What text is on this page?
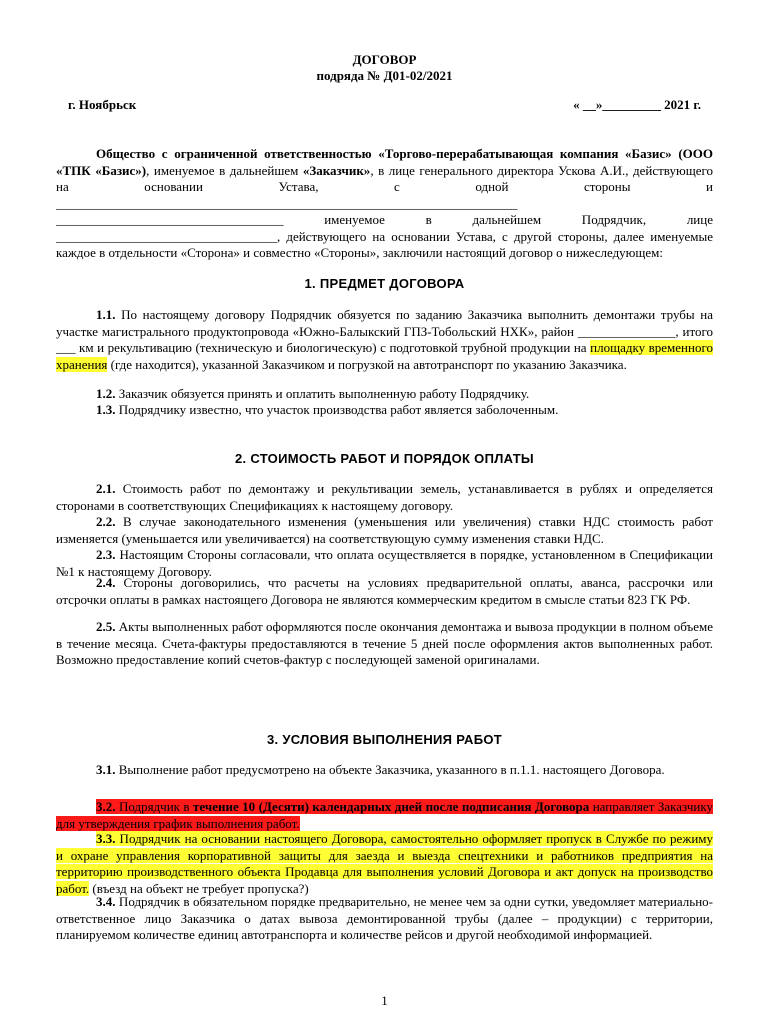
ДОГОВОР

подряда № Д01-02/2021

г. Ноябрьск	« __»_________ 2021 г.

Общество с ограниченной ответственностью «Торгово-перерабатывающая компания «Базис» (ООО «ТПК «Базис»), именуемое в дальнейшем «Заказчик», в лице генерального директора Ускова А.И., действующего на основании Устава, с одной стороны и _______________________________________________________________________ ___________________________________ именуемое в дальнейшем Подрядчик, лице __________________________________, действующего на основании Устава, с другой стороны, далее именуемые каждое в отдельности «Сторона» и совместно «Стороны», заключили настоящий договор о нижеследующем:

1. ПРЕДМЕТ ДОГОВОРА

1.1. По настоящему договору Подрядчик обязуется по заданию Заказчика выполнить демонтажи трубы на участке магистрального продуктопровода «Южно-Балыкский ГПЗ-Тобольский НХК», район _______________, итого ___ км и рекультивацию (техническую и биологическую) с подготовкой трубной продукции на площадку временного хранения (где находится), указанной Заказчиком и погрузкой на автотранспорт по указанию Заказчика.

1.2. Заказчик обязуется принять и оплатить выполненную работу Подрядчику.

1.3. Подрядчику известно, что участок производства работ является заболоченным.

2. СТОИМОСТЬ РАБОТ И ПОРЯДОК ОПЛАТЫ

2.1. Стоимость работ по демонтажу и рекультивации земель, устанавливается в рублях и определяется сторонами в соответствующих Спецификациях к настоящему договору.

2.2. В случае законодательного изменения (уменьшения или увеличения) ставки НДС стоимость работ изменяется (уменьшается или увеличивается) на соответствующую сумму изменения ставки НДС.

2.3. Настоящим Стороны согласовали, что оплата осуществляется в порядке, установленном в Спецификации №1 к настоящему Договору.

2.4. Стороны договорились, что расчеты на условиях предварительной оплаты, аванса, рассрочки или отсрочки оплаты в рамках настоящего Договора не являются коммерческим кредитом в смысле статьи 823 ГК РФ.

2.5. Акты выполненных работ оформляются после окончания демонтажа и вывоза продукции в полном объеме в течение месяца. Счета-фактуры предоставляются в течение 5 дней после оформления актов выполненных работ. Возможно предоставление копий счетов-фактур с последующей заменой оригиналами.

3. УСЛОВИЯ ВЫПОЛНЕНИЯ РАБОТ

3.1. Выполнение работ предусмотрено на объекте Заказчика, указанного в п.1.1. настоящего Договора.

3.2. Подрядчик в течение 10 (Десяти) календарных дней после подписания Договора направляет Заказчику для утверждения график выполнения работ.

3.3. Подрядчик на основании настоящего Договора, самостоятельно оформляет пропуск в Службе по режиму и охране управления корпоративной защиты для заезда и выезда спецтехники и работников предприятия на территорию производственного объекта Продавца для выполнения условий Договора и акт допуск на производство работ. (въезд на объект не требует пропуска?)

3.4. Подрядчик в обязательном порядке предварительно, не менее чем за одни сутки, уведомляет материально-ответственное лицо Заказчика о датах вывоза демонтированной трубы (далее – продукции) с территории, планируемом количестве единиц автотранспорта и количестве рейсов и другой необходимой информацией.

1
